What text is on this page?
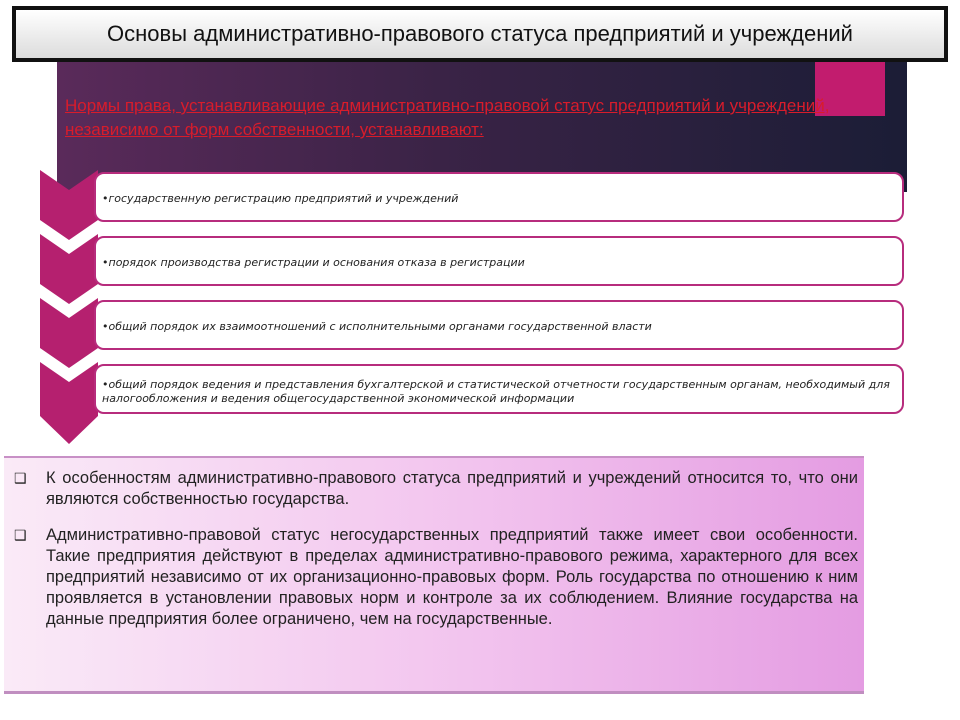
Основы административно-правового статуса предприятий и учреждений
Нормы права, устанавливающие административно-правовой статус предприятий и учреждений, независимо от форм собственности, устанавливают:
•государственную регистрацию предприятий и учреждений
•порядок производства регистрации и основания отказа в регистрации
•общий порядок их взаимоотношений с исполнительными органами государственной власти
•общий порядок ведения и представления бухгалтерской и статистической отчетности государственным органам, необходимый для налогообложения и ведения общегосударственной экономической информации
❑ К особенностям административно-правового статуса предприятий и учреждений относится то, что они являются собственностью государства.
❑ Административно-правовой статус негосударственных предприятий также имеет свои особенности. Такие предприятия действуют в пределах административно-правового режима, характерного для всех предприятий независимо от их организационно-правовых форм. Роль государства по отношению к ним проявляется в установлении правовых норм и контроле за их соблюдением. Влияние государства на данные предприятия более ограничено, чем на государственные.
